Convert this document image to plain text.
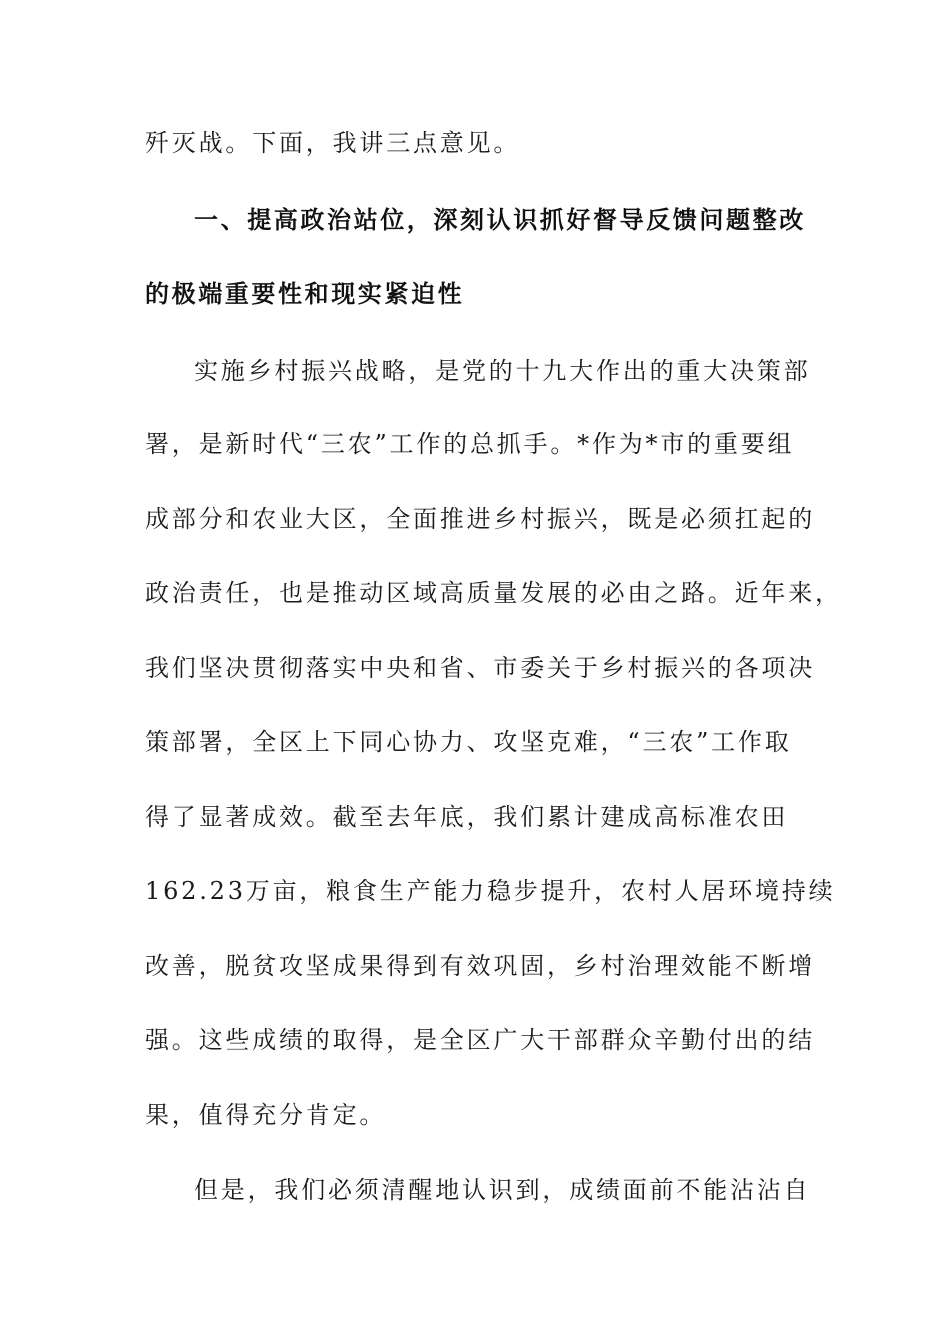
歼灭战。下面，我讲三点意见。
一、提高政治站位，深刻认识抓好督导反馈问题整改
的极端重要性和现实紧迫性
实施乡村振兴战略，是党的十九大作出的重大决策部
署，是新时代“三农”工作的总抓手。*作为*市的重要组
成部分和农业大区，全面推进乡村振兴，既是必须扛起的
政治责任，也是推动区域高质量发展的必由之路。近年来，
我们坚决贯彻落实中央和省、市委关于乡村振兴的各项决
策部署，全区上下同心协力、攻坚克难，“三农”工作取
得了显著成效。截至去年底，我们累计建成高标准农田
162.23万亩，粮食生产能力稳步提升，农村人居环境持续
改善，脱贫攻坚成果得到有效巩固，乡村治理效能不断增
强。这些成绩的取得，是全区广大干部群众辛勤付出的结
果，值得充分肯定。
但是，我们必须清醒地认识到，成绩面前不能沾沾自
